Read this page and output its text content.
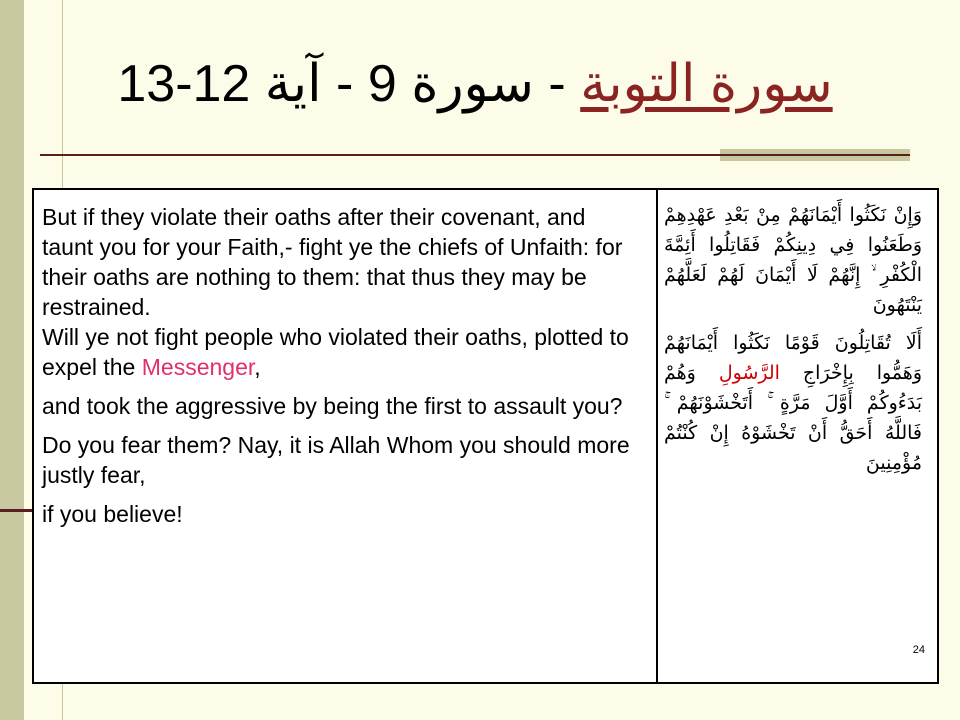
سورة التوبة - سورة 9 - آية 12-13

But if they violate their oaths after their covenant, and taunt you for your Faith,- fight ye the chiefs of Unfaith: for their oaths are nothing to them: that thus they may be restrained.

Will ye not fight people who violated their oaths, plotted to expel the Messenger,

and took the aggressive by being the first to assault you?

Do you fear them? Nay, it is Allah Whom you should more justly fear,

if you believe!

وَإِنْ نَكَثُوا أَيْمَانَهُمْ مِنْ بَعْدِ عَهْدِهِمْ وَطَعَنُوا فِي دِينِكُمْ فَقَاتِلُوا أَئِمَّةَ الْكُفْرِ ۙ إِنَّهُمْ لَا أَيْمَانَ لَهُمْ لَعَلَّهُمْ يَنْتَهُونَ

أَلَا تُقَاتِلُونَ قَوْمًا نَكَثُوا أَيْمَانَهُمْ وَهَمُّوا بِإِخْرَاجِ الرَّسُولِ وَهُمْ بَدَءُوكُمْ أَوَّلَ مَرَّةٍ ۚ أَتَخْشَوْنَهُمْ ۚ فَاللَّهُ أَحَقُّ أَنْ تَخْشَوْهُ إِنْ كُنْتُمْ مُؤْمِنِينَ

24
